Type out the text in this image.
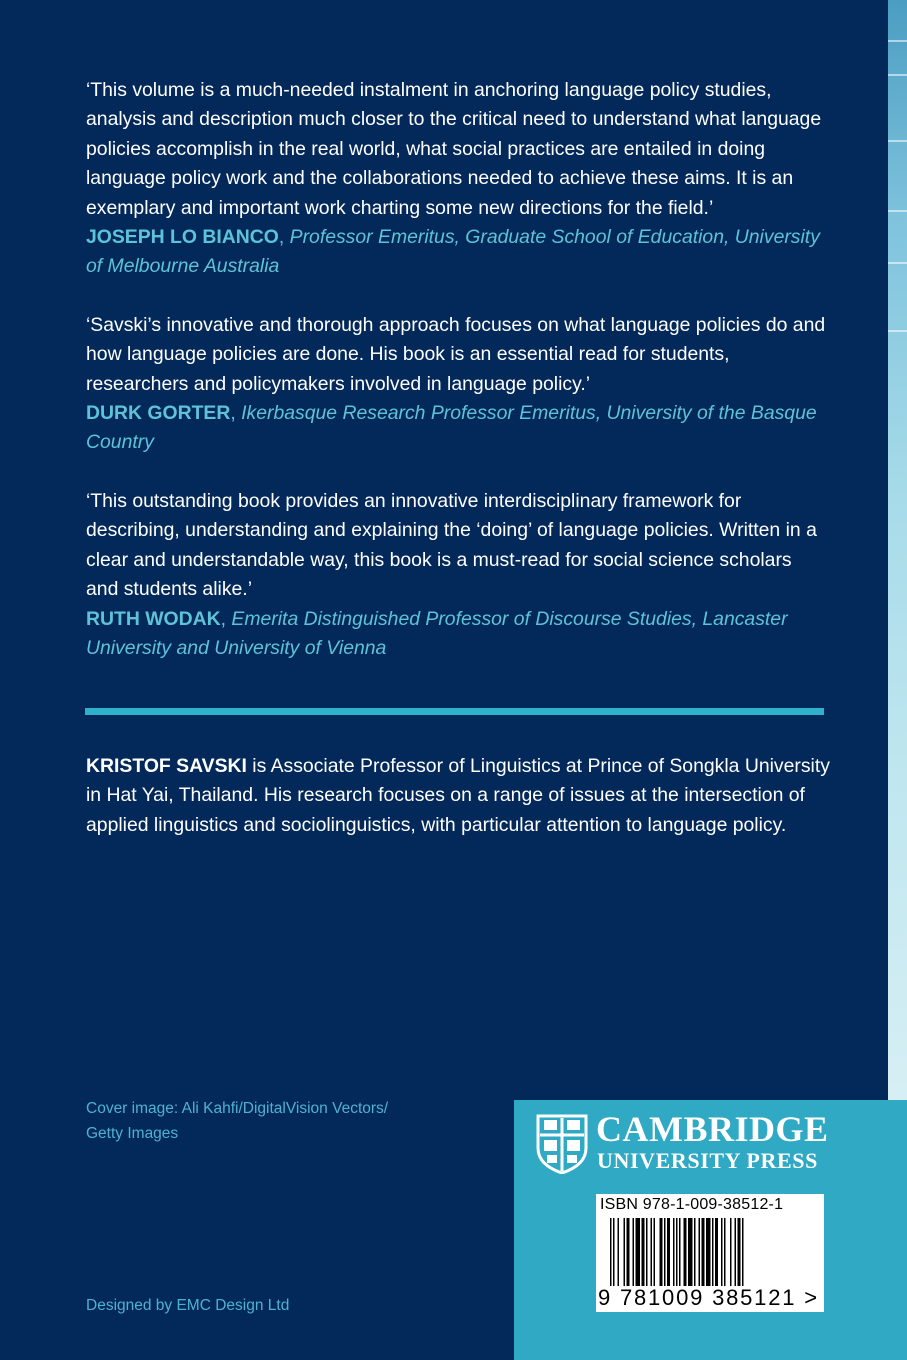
‘This volume is a much-needed instalment in anchoring language policy studies, analysis and description much closer to the critical need to understand what language policies accomplish in the real world, what social practices are entailed in doing language policy work and the collaborations needed to achieve these aims. It is an exemplary and important work charting some new directions for the field.’

JOSEPH LO BIANCO, Professor Emeritus, Graduate School of Education, University of Melbourne Australia

‘Savski’s innovative and thorough approach focuses on what language policies do and how language policies are done. His book is an essential read for students, researchers and policymakers involved in language policy.’

DURK GORTER, Ikerbasque Research Professor Emeritus, University of the Basque Country

‘This outstanding book provides an innovative interdisciplinary framework for describing, understanding and explaining the ‘doing’ of language policies. Written in a clear and understandable way, this book is a must-read for social science scholars and students alike.’

RUTH WODAK, Emerita Distinguished Professor of Discourse Studies, Lancaster University and University of Vienna

KRISTOF SAVSKI is Associate Professor of Linguistics at Prince of Songkla University in Hat Yai, Thailand. His research focuses on a range of issues at the intersection of applied linguistics and sociolinguistics, with particular attention to language policy.

Cover image: Ali Kahfi/DigitalVision Vectors/ Getty Images

Designed by EMC Design Ltd

CAMBRIDGE
UNIVERSITY PRESS
ISBN 978-1-009-38512-1
9 781009 385121 >
